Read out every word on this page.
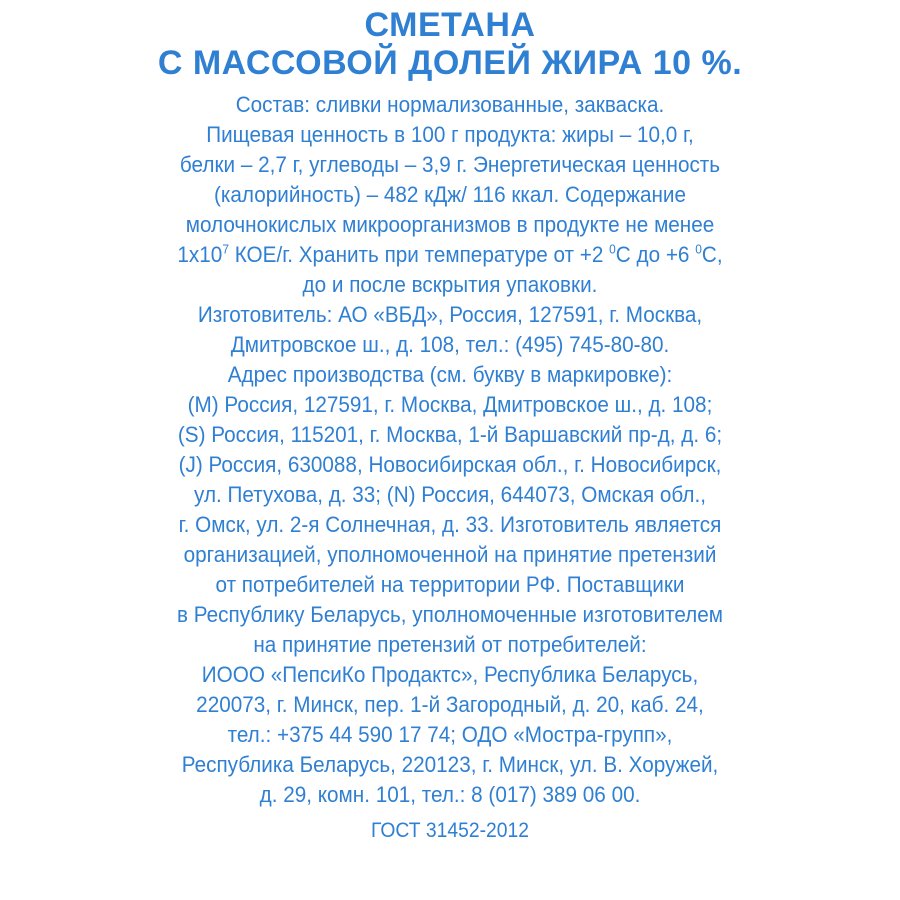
СМЕТАНА

С МАССОВОЙ ДОЛЕЙ ЖИРА 10 %.

Состав: сливки нормализованные, закваска.

Пищевая ценность в 100 г продукта: жиры – 10,0 г,

белки – 2,7 г, углеводы – 3,9 г. Энергетическая ценность

(калорийность) – 482 кДж/ 116 ккал. Содержание

молочнокислых микроорганизмов в продукте не менее

$1х10^7$ КОЕ/г. Хранить при температуре от +2 $^0$С до +6 $^0$С,

до и после вскрытия упаковки.

Изготовитель: АО «ВБД», Россия, 127591, г. Москва,

Дмитровское ш., д. 108, тел.: (495) 745-80-80.

Адрес производства (см. букву в маркировке):

(M) Россия, 127591, г. Москва, Дмитровское ш., д. 108;

(S) Россия, 115201, г. Москва, 1-й Варшавский пр-д, д. 6;

(J) Россия, 630088, Новосибирская обл., г. Новосибирск,

ул. Петухова, д. 33; (N) Россия, 644073, Омская обл.,

г. Омск, ул. 2-я Солнечная, д. 33. Изготовитель является

организацией, уполномоченной на принятие претензий

от потребителей на территории РФ. Поставщики

в Республику Беларусь, уполномоченные изготовителем

на принятие претензий от потребителей:

ИООО «ПепсиКо Продактс», Республика Беларусь,

220073, г. Минск, пер. 1-й Загородный, д. 20, каб. 24,

тел.: +375 44 590 17 74; ОДО «Мостра-групп»,

Республика Беларусь, 220123, г. Минск, ул. В. Хоружей,

д. 29, комн. 101, тел.: 8 (017) 389 06 00.

ГОСТ 31452-2012
